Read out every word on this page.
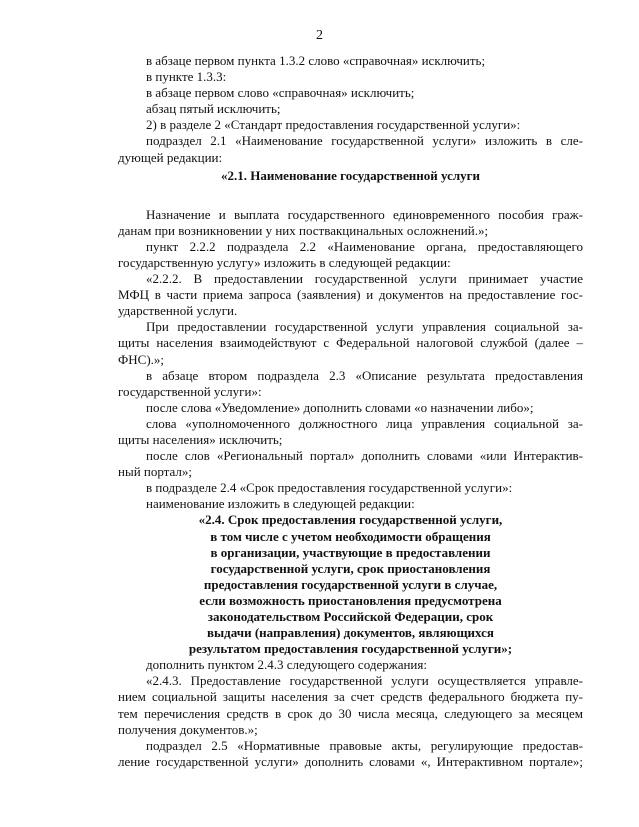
2
в абзаце первом пункта 1.3.2 слово «справочная» исключить;
в пункте 1.3.3:
в абзаце первом слово «справочная» исключить;
абзац пятый исключить;
2) в разделе 2 «Стандарт предоставления государственной услуги»:
подраздел 2.1 «Наименование государственной услуги» изложить в сле-
дующей редакции:
«2.1. Наименование государственной услуги
Назначение и выплата государственного единовременного пособия граж-
данам при возникновении у них поствакцинальных осложнений.»;
пункт 2.2.2 подраздела 2.2 «Наименование органа, предоставляющего
государственную услугу» изложить в следующей редакции:
«2.2.2. В предоставлении государственной услуги принимает участие
МФЦ в части приема запроса (заявления) и документов на предоставление гос-
ударственной услуги.
При предоставлении государственной услуги управления социальной за-
щиты населения взаимодействуют с Федеральной налоговой службой (далее –
ФНС).»;
в абзаце втором подраздела 2.3 «Описание результата предоставления
государственной услуги»:
после слова «Уведомление» дополнить словами «о назначении либо»;
слова «уполномоченного должностного лица управления социальной за-
щиты населения» исключить;
после слов «Региональный портал» дополнить словами «или Интерактив-
ный портал»;
в подразделе 2.4 «Срок предоставления государственной услуги»:
наименование изложить в следующей редакции:
«2.4. Срок предоставления государственной услуги,
в том числе с учетом необходимости обращения
в организации, участвующие в предоставлении
государственной услуги, срок приостановления
предоставления государственной услуги в случае,
если возможность приостановления предусмотрена
законодательством Российской Федерации, срок
выдачи (направления) документов, являющихся
результатом предоставления государственной услуги»;
дополнить пунктом 2.4.3 следующего содержания:
«2.4.3. Предоставление государственной услуги осуществляется управле-
нием социальной защиты населения за счет средств федерального бюджета пу-
тем перечисления средств в срок до 30 числа месяца, следующего за месяцем
получения документов.»;
подраздел 2.5 «Нормативные правовые акты, регулирующие предостав-
ление государственной услуги» дополнить словами «, Интерактивном портале»;
